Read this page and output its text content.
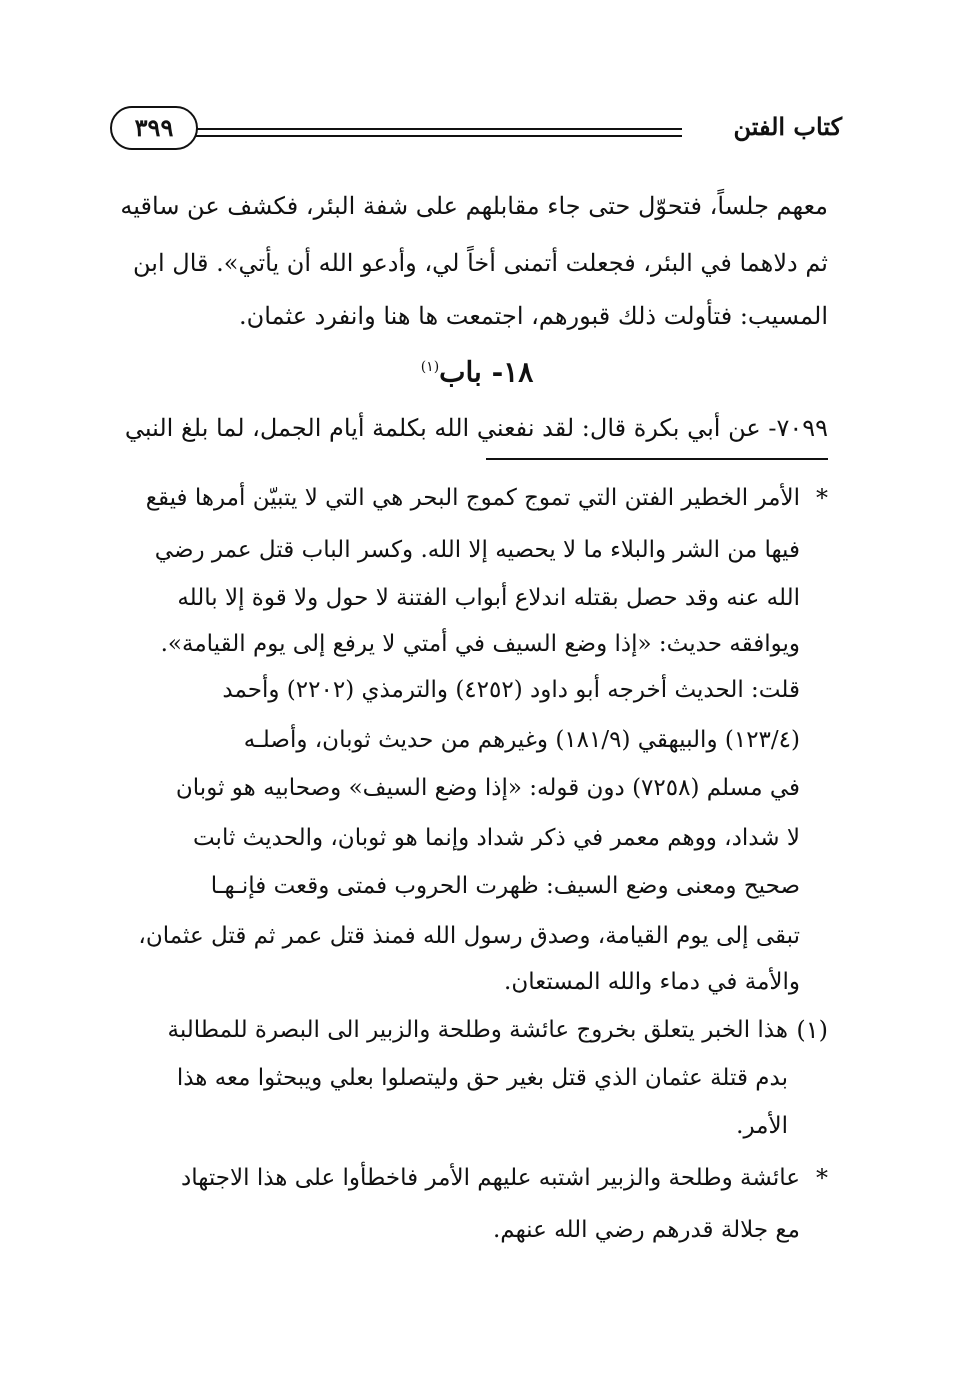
كتاب الفتن
٣٩٩
معهم جلساً، فتحوّل حتى جاء مقابلهم على شفة البئر، فكشف عن ساقيه
ثم دلاهما في البئر، فجعلت أتمنى أخاً لي، وأدعو الله أن يأتي». قال ابن
المسيب: فتأولت ذلك قبورهم، اجتمعت ها هنا وانفرد عثمان.
١٨- باب$^{(١)}$
٧٠٩٩- عن أبي بكرة قال: لقد نفعني الله بكلمة أيام الجمل، لما بلغ النبي
*
الأمر الخطير الفتن التي تموج كموج البحر هي التي لا يتبيّن أمرها فيقع
فيها من الشر والبلاء ما لا يحصيه إلا الله. وكسر الباب قتل عمر رضي
الله عنه وقد حصل بقتله اندلاع أبواب الفتنة لا حول ولا قوة إلا بالله
ويوافقه حديث: «إذا وضع السيف في أمتي لا يرفع إلى يوم القيامة».
قلت: الحديث أخرجه أبو داود (٤٢٥٢) والترمذي (٢٢٠٢) وأحمد
(١٢٣/٤) والبيهقي (١٨١/٩) وغيرهم من حديث ثوبان، وأصلـه
في مسلم (٧٢٥٨) دون قوله: «إذا وضع السيف» وصحابيه هو ثوبان
لا شداد، ووهم معمر في ذكر شداد وإنما هو ثوبان، والحديث ثابت
صحيح ومعنى وضع السيف: ظهرت الحروب فمتى وقعت فإنـهـا
تبقى إلى يوم القيامة، وصدق رسول الله فمنذ قتل عمر ثم قتل عثمان،
والأمة في دماء والله المستعان.
(١)
هذا الخبر يتعلق بخروج عائشة وطلحة والزبير الى البصرة للمطالبة
بدم قتلة عثمان الذي قتل بغير حق وليتصلوا بعلي ويبحثوا معه هذا
الأمر.
*
عائشة وطلحة والزبير اشتبه عليهم الأمر فاخطأوا على هذا الاجتهاد
مع جلالة قدرهم رضي الله عنهم.
